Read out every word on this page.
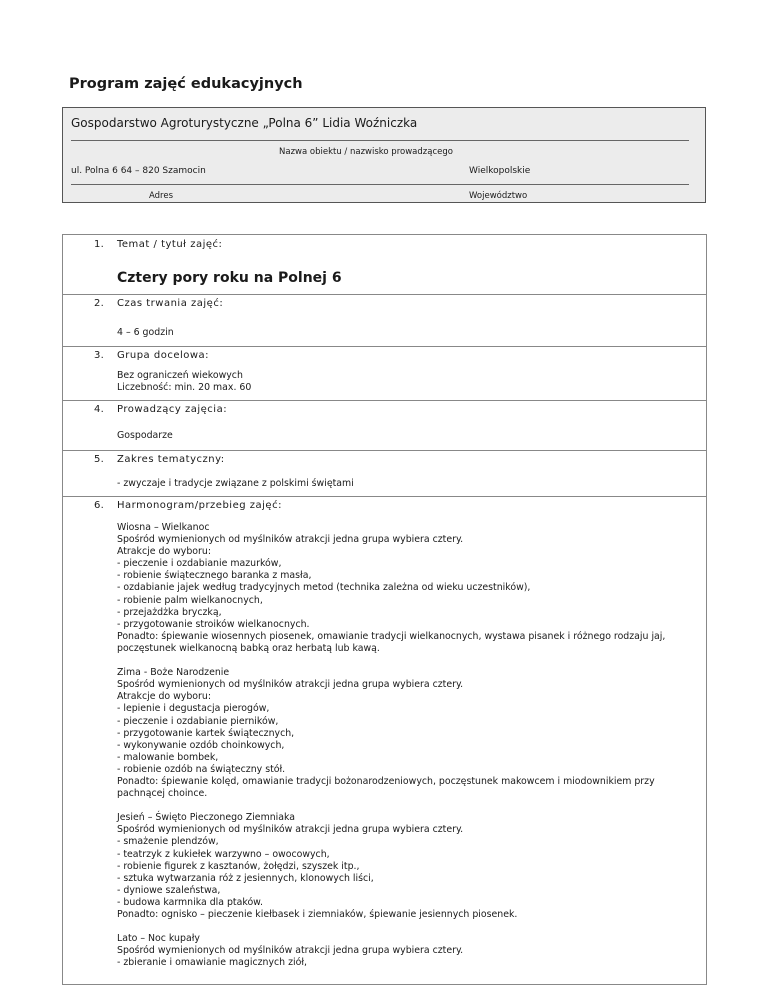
Program zajęć edukacyjnych
Gospodarstwo Agroturystyczne „Polna 6” Lidia Woźniczka
Nazwa obiektu / nazwisko prowadzącego
ul. Polna 6 64 – 820 Szamocin	Wielkopolskie
Adres	Województwo
1. Temat / tytuł zajęć:
Cztery pory roku na Polnej 6
2. Czas trwania zajęć:
4 – 6 godzin
3. Grupa docelowa:
Bez ograniczeń wiekowych
Liczebność: min. 20 max. 60
4. Prowadzący zajęcia:
Gospodarze
5. Zakres tematyczny:
- zwyczaje i tradycje związane z polskimi świętami
6. Harmonogram/przebieg zajęć:

Wiosna – Wielkanoc
Spośród wymienionych od myślników atrakcji jedna grupa wybiera cztery.
Atrakcje do wyboru:
- pieczenie i ozdabianie mazurków,
- robienie świątecznego baranka z masła,
- ozdabianie jajek według tradycyjnych metod (technika zależna od wieku uczestników),
- robienie palm wielkanocnych,
- przejażdżka bryczką,
- przygotowanie stroików wielkanocnych.
Ponadto: śpiewanie wiosennych piosenek, omawianie tradycji wielkanocnych, wystawa pisanek i różnego rodzaju jaj, poczęstunek wielkanocną babką oraz herbatą lub kawą.

Zima - Boże Narodzenie
Spośród wymienionych od myślników atrakcji jedna grupa wybiera cztery.
Atrakcje do wyboru:
- lepienie i degustacja pierogów,
- pieczenie i ozdabianie pierników,
- przygotowanie kartek świątecznych,
- wykonywanie ozdób choinkowych,
- malowanie bombek,
- robienie ozdób na świąteczny stół.
Ponadto: śpiewanie kolęd, omawianie tradycji bożonarodzeniowych, poczęstunek makowcem i miodownikiem przy pachnącej choince.

Jesień – Święto Pieczonego Ziemniaka
Spośród wymienionych od myślników atrakcji jedna grupa wybiera cztery.
- smażenie plendzów,
- teatrzyk z kukiełek warzywno – owocowych,
- robienie figurek z kasztanów, żołędzi, szyszek itp.,
- sztuka wytwarzania róż z jesiennych, klonowych liści,
- dyniowe szaleństwa,
- budowa karmnika dla ptaków.
Ponadto: ognisko – pieczenie kiełbasek i ziemniaków, śpiewanie jesiennych piosenek.

Lato – Noc kupały
Spośród wymienionych od myślników atrakcji jedna grupa wybiera cztery.
- zbieranie i omawianie magicznych ziół,
